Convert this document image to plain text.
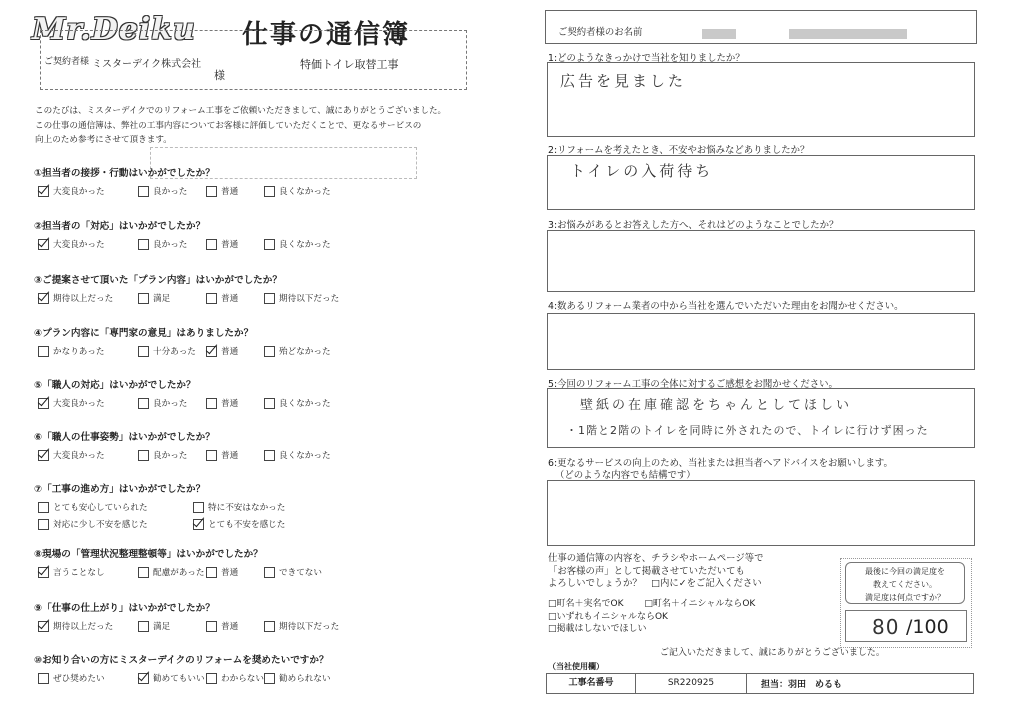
Mr.Deiku 仕事の通信簿
ご契約者様 ミスターデイク株式会社
様
特価トイレ取替工事
このたびは、ミスターデイクでのリフォーム工事をご依頼いただきまして、誠にありがとうございました。
この仕事の通信簿は、弊社の工事内容についてお客様に評価していただくことで、更なるサービスの
向上のため参考にさせて頂きます。
①担当者の接拶・行動はいかがでしたか？
大変良かった	良かった	普通	良くなかった
②担当者の「対応」はいかがでしたか？
大変良かった	良かった	普通	良くなかった
③ご提案させて頂いた「プラン内容」はいかがでしたか？
期待以上だった	満足	普通	期待以下だった
④プラン内容に「専門家の意見」はありましたか？
かなりあった	十分あった	普通	殆どなかった
⑤「職人の対応」はいかがでしたか？
大変良かった	良かった	普通	良くなかった
⑥「職人の仕事姿勢」はいかがでしたか？
大変良かった	良かった	普通	良くなかった
⑦「工事の進め方」はいかがでしたか？
とても安心していられた	特に不安はなかった
対応に少し不安を感じた	とても不安を感じた
⑧現場の「管理状況整理整頓等」はいかがでしたか？
言うことなし	配慮があった 普通	できてない
⑨「仕事の仕上がり」はいかがでしたか？
期待以上だった	満足	普通	期待以下だった
⑩お知り合いの方にミスターデイクのリフォームを奨めたいですか？
ぜひ奨めたい	勧めてもいい わからない 勧められない
ご契約者様のお名前

1:どのようなきっかけで当社を知りましたか？
広告を見ました
2:リフォームを考えたとき、不安やお悩みなどありましたか？
トイレの入荷待ち
3:お悩みがあるとお答えした方へ、それはどのようなことでしたか？
4:数あるリフォーム業者の中から当社を選んでいただいた理由をお聞かせください。
5:今回のリフォーム工事の全体に対するご感想をお聞かせください。
壁紙の在庫確認をちゃんとしてほしい
・1階と2階のトイレを同時に外されたので、トイレに行けず困った
6:更なるサービスの向上のため、当社または担当者へアドバイスをお願いします。
（どのような内容でも結構です）
仕事の通信簿の内容を、チラシやホームページ等で
「お客様の声」として掲載させていただいても
よろしいでしょうか？　□内に✓をご記入ください
□町名＋実名でOK □町名＋イニシャルならOK
□いずれもイニシャルならOK
□掲載はしないでほしい
最後に今回の満足度を
教えてください。
満足度は何点ですか？
80 /100
ご記入いただきまして、誠にありがとうございました。
（当社使用欄）
工事名番号	SR220925	担当：羽田　めるも
